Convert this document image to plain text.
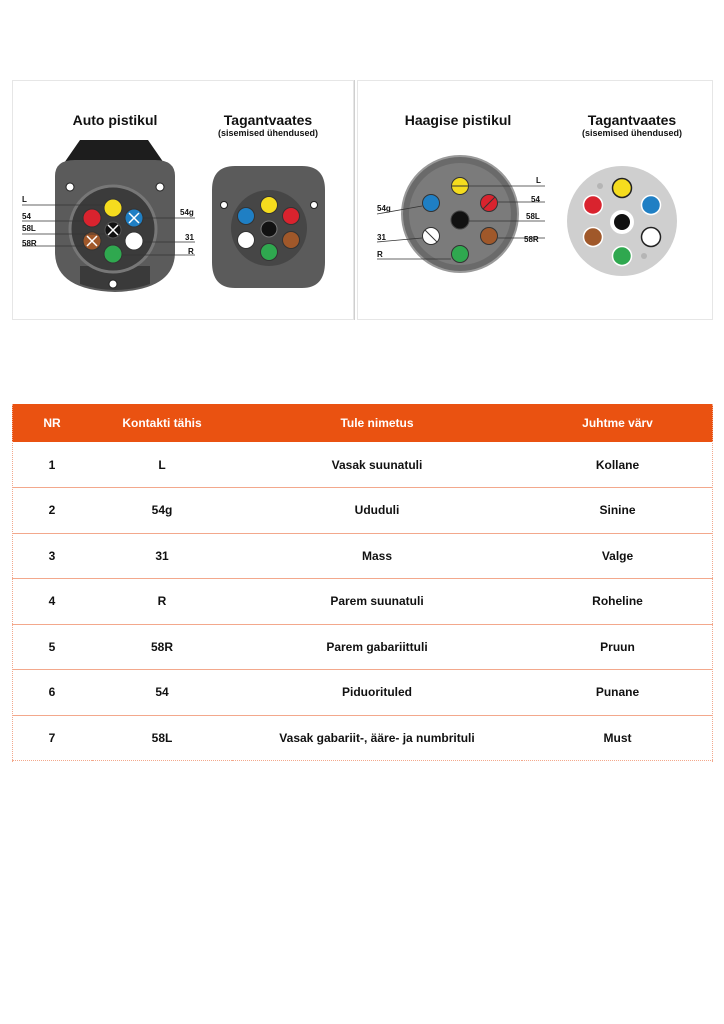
Auto pistikul	Tagantvaates
(sisemised ühendused)
Haagise pistikul	Tagantvaates
(sisemised ühendused)
L
54
58L
58R
54g
31
R
L
54
58L
58R
54g
31
R
NR	Kontakti tähis	Tule nimetus	Juhtme värv
1	L	Vasak suunatuli	Kollane
2	54g	Ududuli	Sinine
3	31	Mass	Valge
4	R	Parem suunatuli	Roheline
5	58R	Parem gabariittuli	Pruun
6	54	Piduorituled	Punane
7	58L	Vasak gabariit-, ääre- ja numbrituli	Must
